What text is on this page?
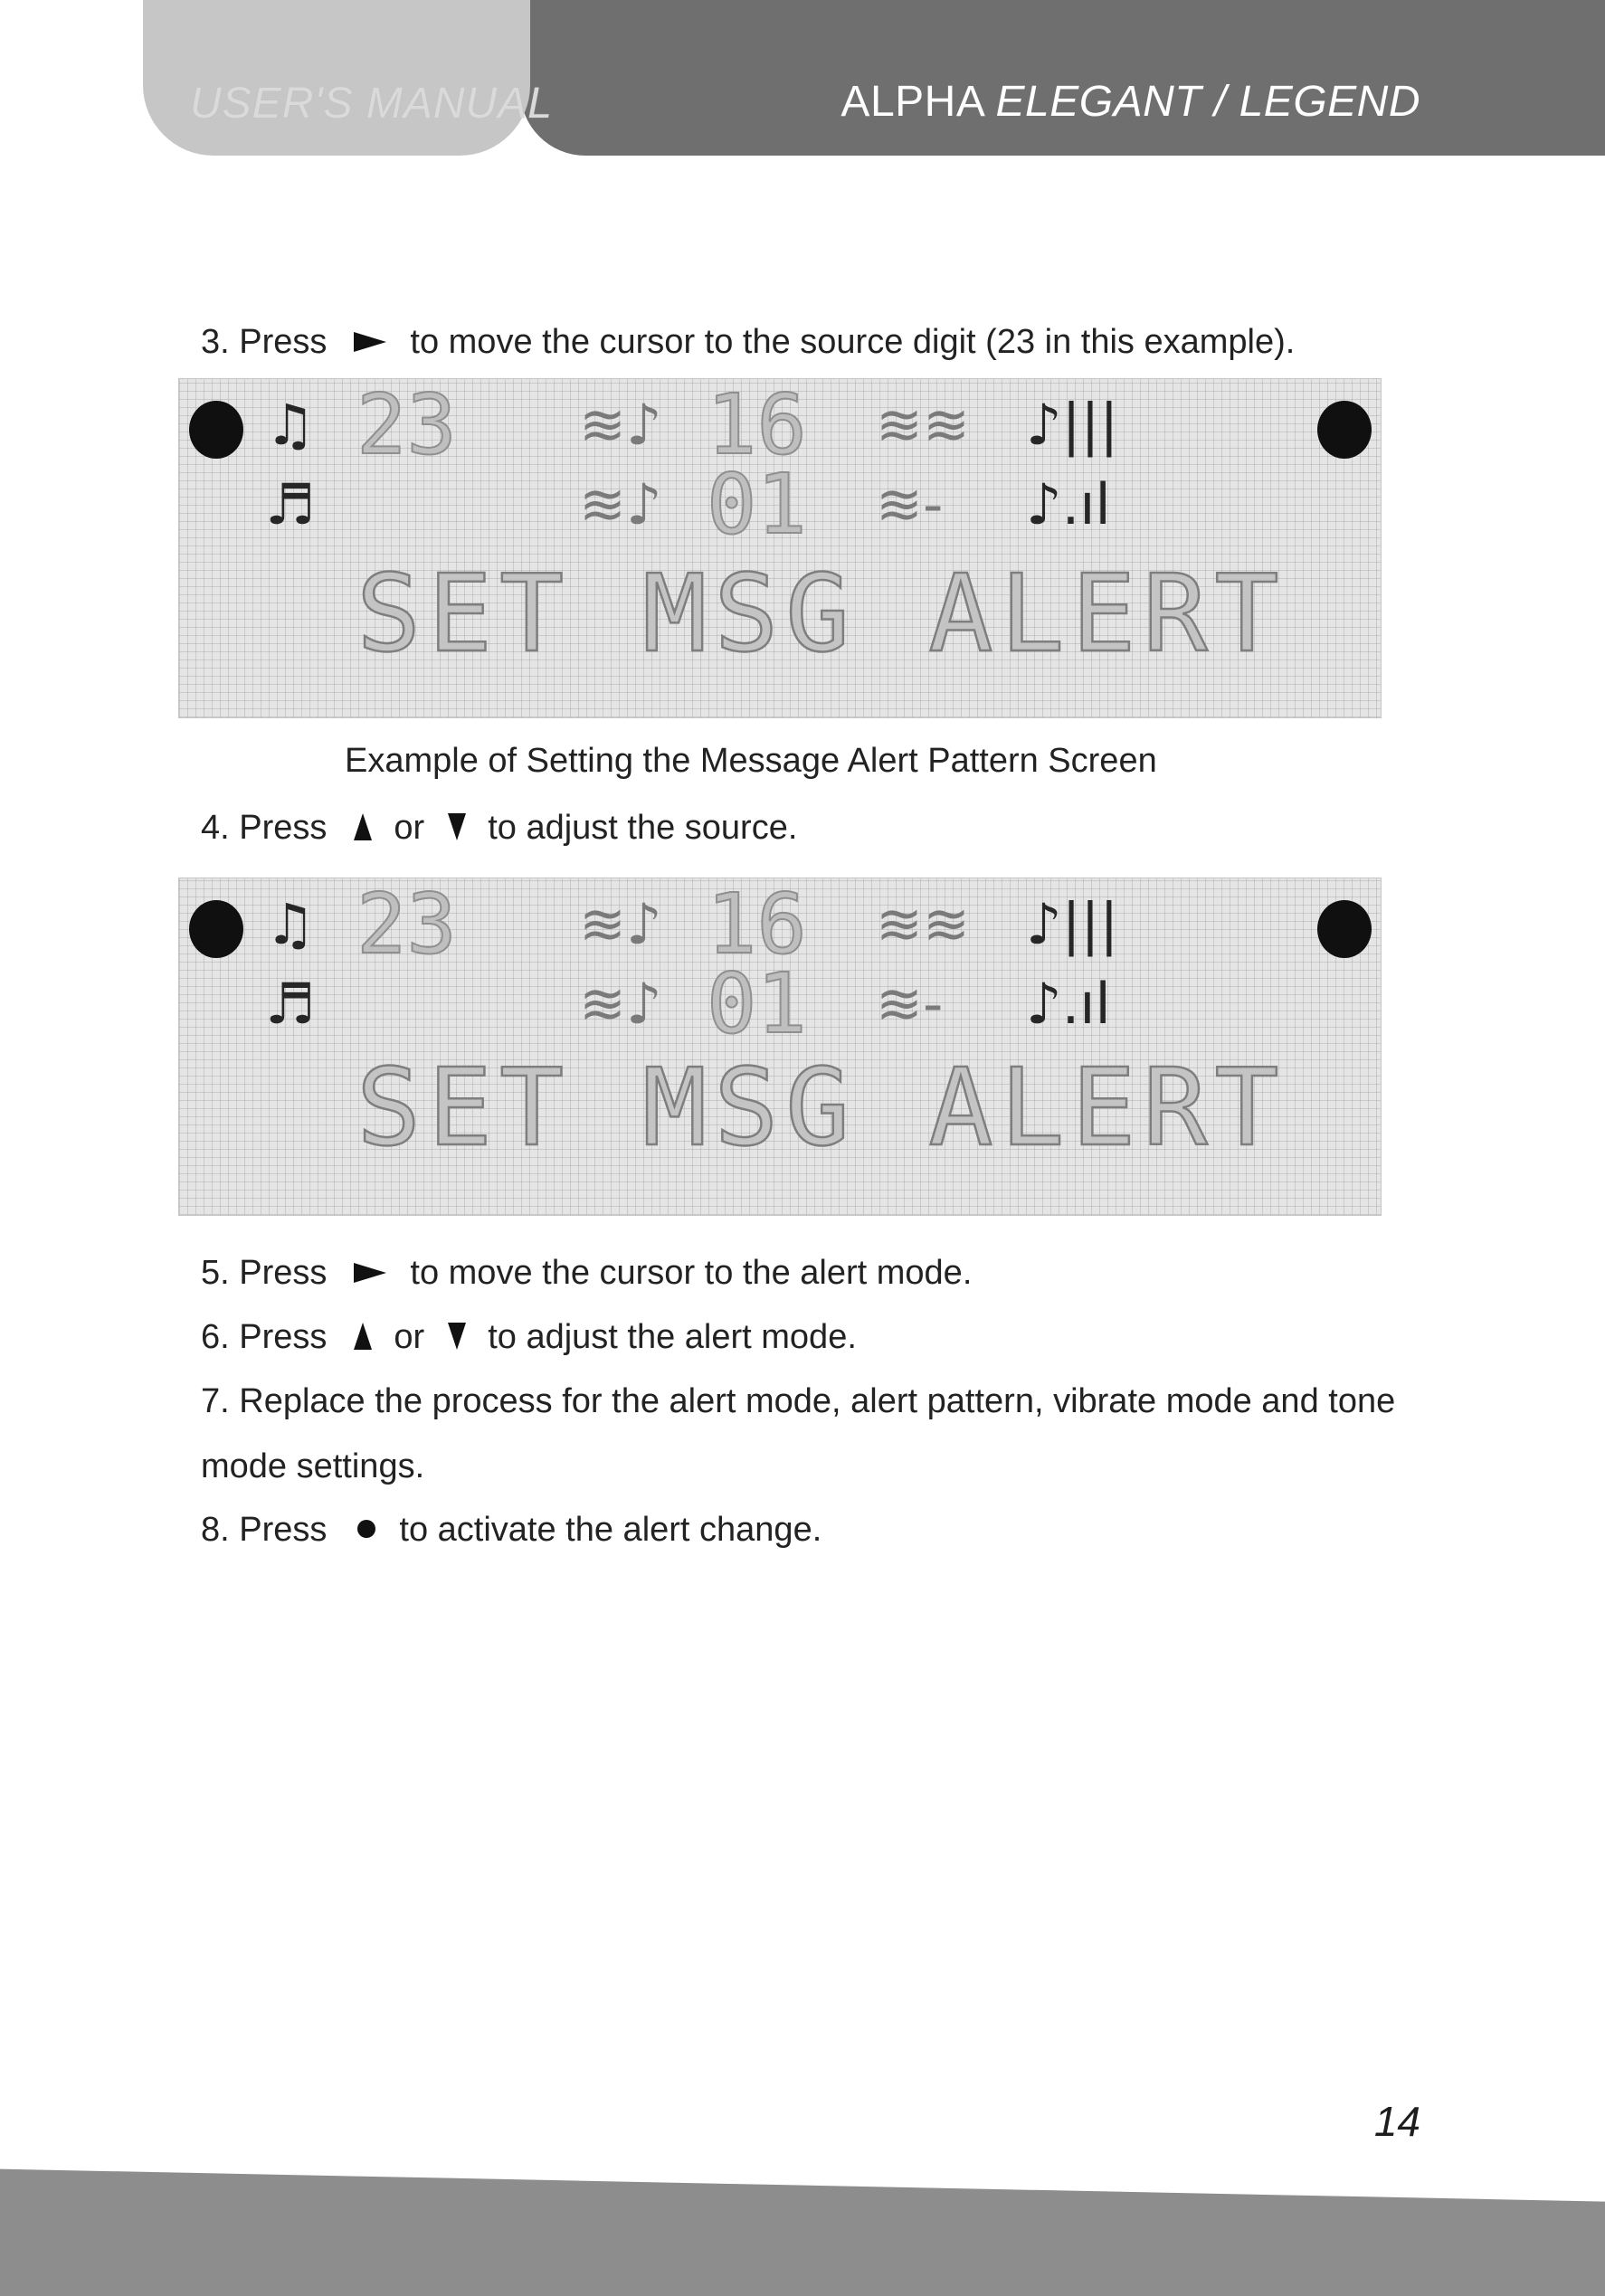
USER'S MANUAL	ALPHA ELEGANT / LEGEND
3. Press to move the cursor to the source digit (23 in this example).
♫ 23 ≋♪ 16 ≋≋ ♪|||
♬	≋♪ 01 ≋- ♪.ıl
SET MSG ALERT
Example of Setting the Message Alert Pattern Screen
4. Press or to adjust the source.
♫ 23 ≋♪ 16 ≋≋ ♪|||
♬	≋♪ 01 ≋- ♪.ıl
SET MSG ALERT
5. Press to move the cursor to the alert mode.
6. Press or to adjust the alert mode.
7. Replace the process for the alert mode, alert pattern, vibrate mode and tone mode settings.
8. Press to activate the alert change.
14
